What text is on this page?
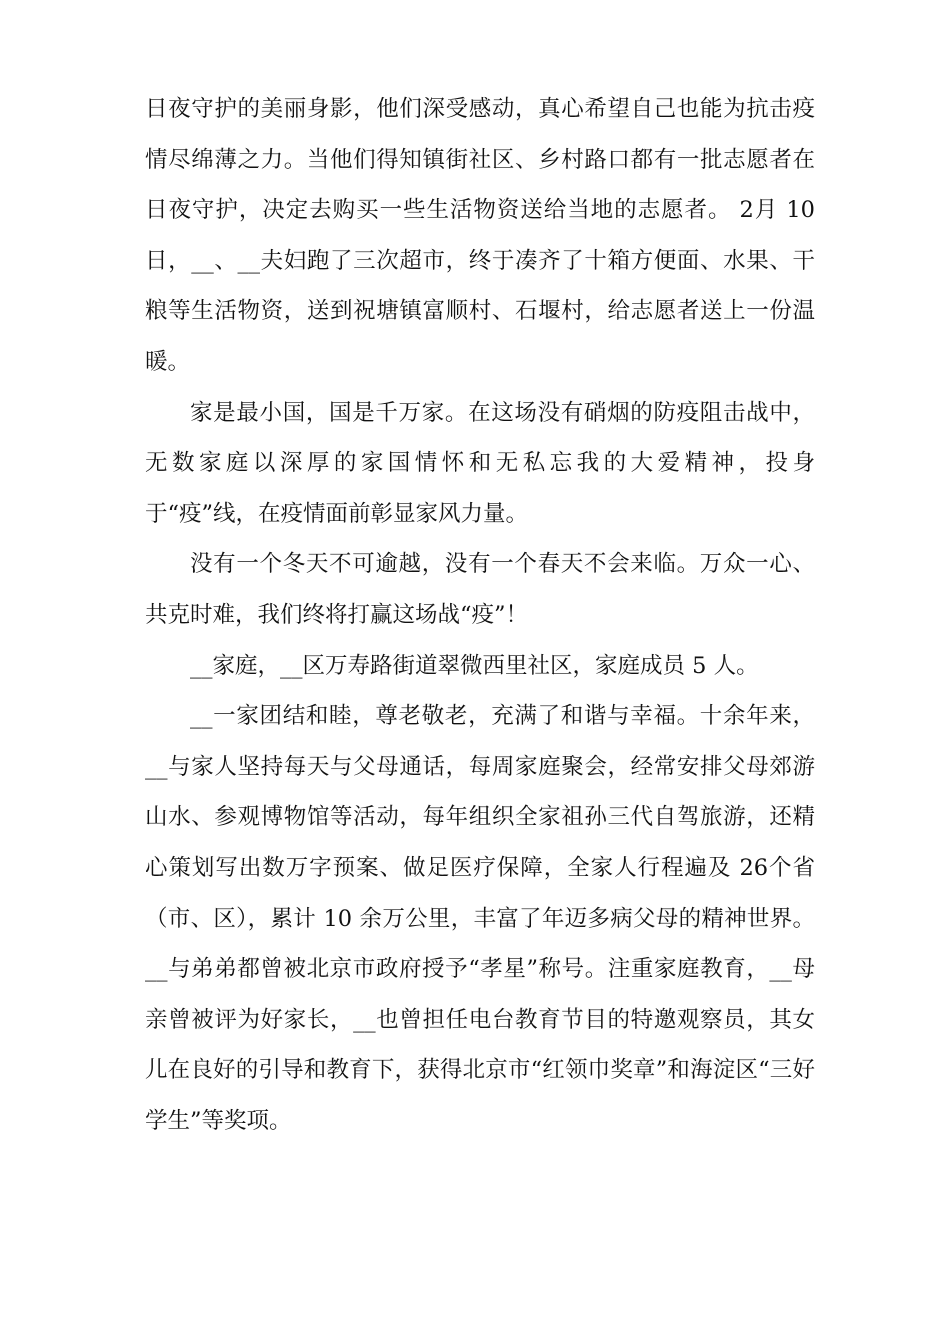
日夜守护的美丽身影，他们深受感动，真心希望自己也能为抗击疫情尽绵薄之力。当他们得知镇街社区、乡村路口都有一批志愿者在日夜守护，决定去购买一些生活物资送给当地的志愿者。 2月 10 日，__、__夫妇跑了三次超市，终于凑齐了十箱方便面、水果、干粮等生活物资，送到祝塘镇富顺村、石堰村，给志愿者送上一份温暖。

家是最小国，国是千万家。在这场没有硝烟的防疫阻击战中，无数家庭以深厚的家国情怀和无私忘我的大爱精神，投身于“疫”线，在疫情面前彰显家风力量。

没有一个冬天不可逾越，没有一个春天不会来临。万众一心、共克时难，我们终将打赢这场战“疫”！

__家庭，__区万寿路街道翠微西里社区，家庭成员 5 人。

__一家团结和睦，尊老敬老，充满了和谐与幸福。十余年来，__与家人坚持每天与父母通话，每周家庭聚会，经常安排父母郊游山水、参观博物馆等活动，每年组织全家祖孙三代自驾旅游，还精心策划写出数万字预案、做足医疗保障，全家人行程遍及 26个省（市、区），累计 10 余万公里，丰富了年迈多病父母的精神世界。__与弟弟都曾被北京市政府授予“孝星”称号。注重家庭教育，__母亲曾被评为好家长，__也曾担任电台教育节目的特邀观察员，其女儿在良好的引导和教育下，获得北京市“红领巾奖章”和海淀区“三好学生”等奖项。
